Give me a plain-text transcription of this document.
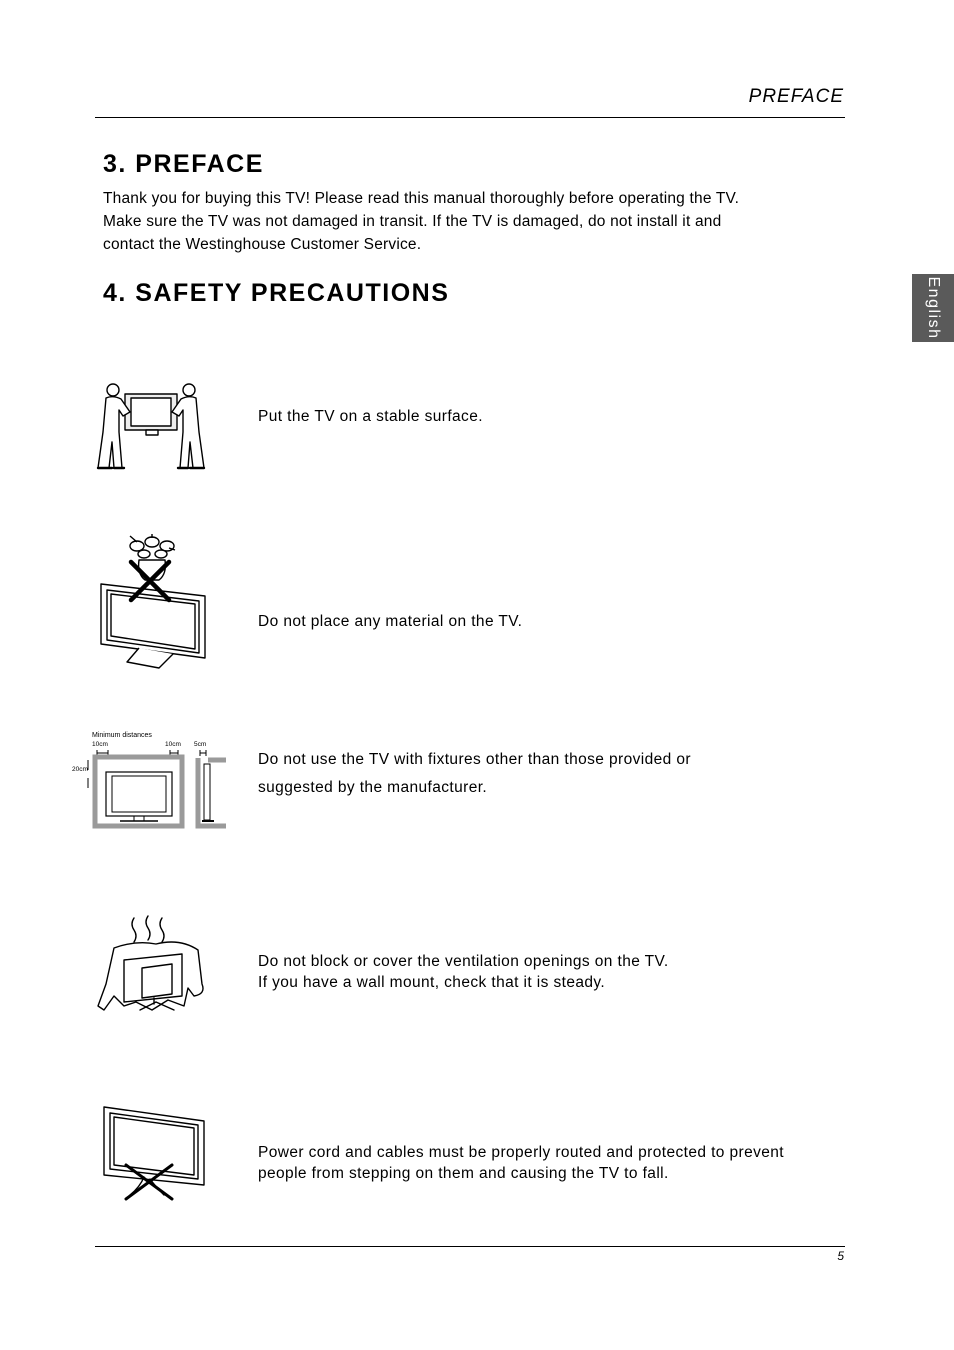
PREFACE
English
3. PREFACE
Thank you for buying this TV! Please read this manual thoroughly before operating the TV.
Make sure the TV was not damaged in transit. If the TV is damaged, do not install it and
contact the Westinghouse Customer Service.
4. SAFETY PRECAUTIONS
Put the TV on a stable surface.
Do not place any material on the TV.
Minimum distances
10cm	10cm 5cm
20cm
Do not use the TV with fixtures other than those provided or
suggested by the manufacturer.
Do not block or cover the ventilation openings on the TV.
If you have a wall mount, check that it is steady.
Power cord and cables must be properly routed and protected to prevent
people from stepping on them and causing the TV to fall.
5
